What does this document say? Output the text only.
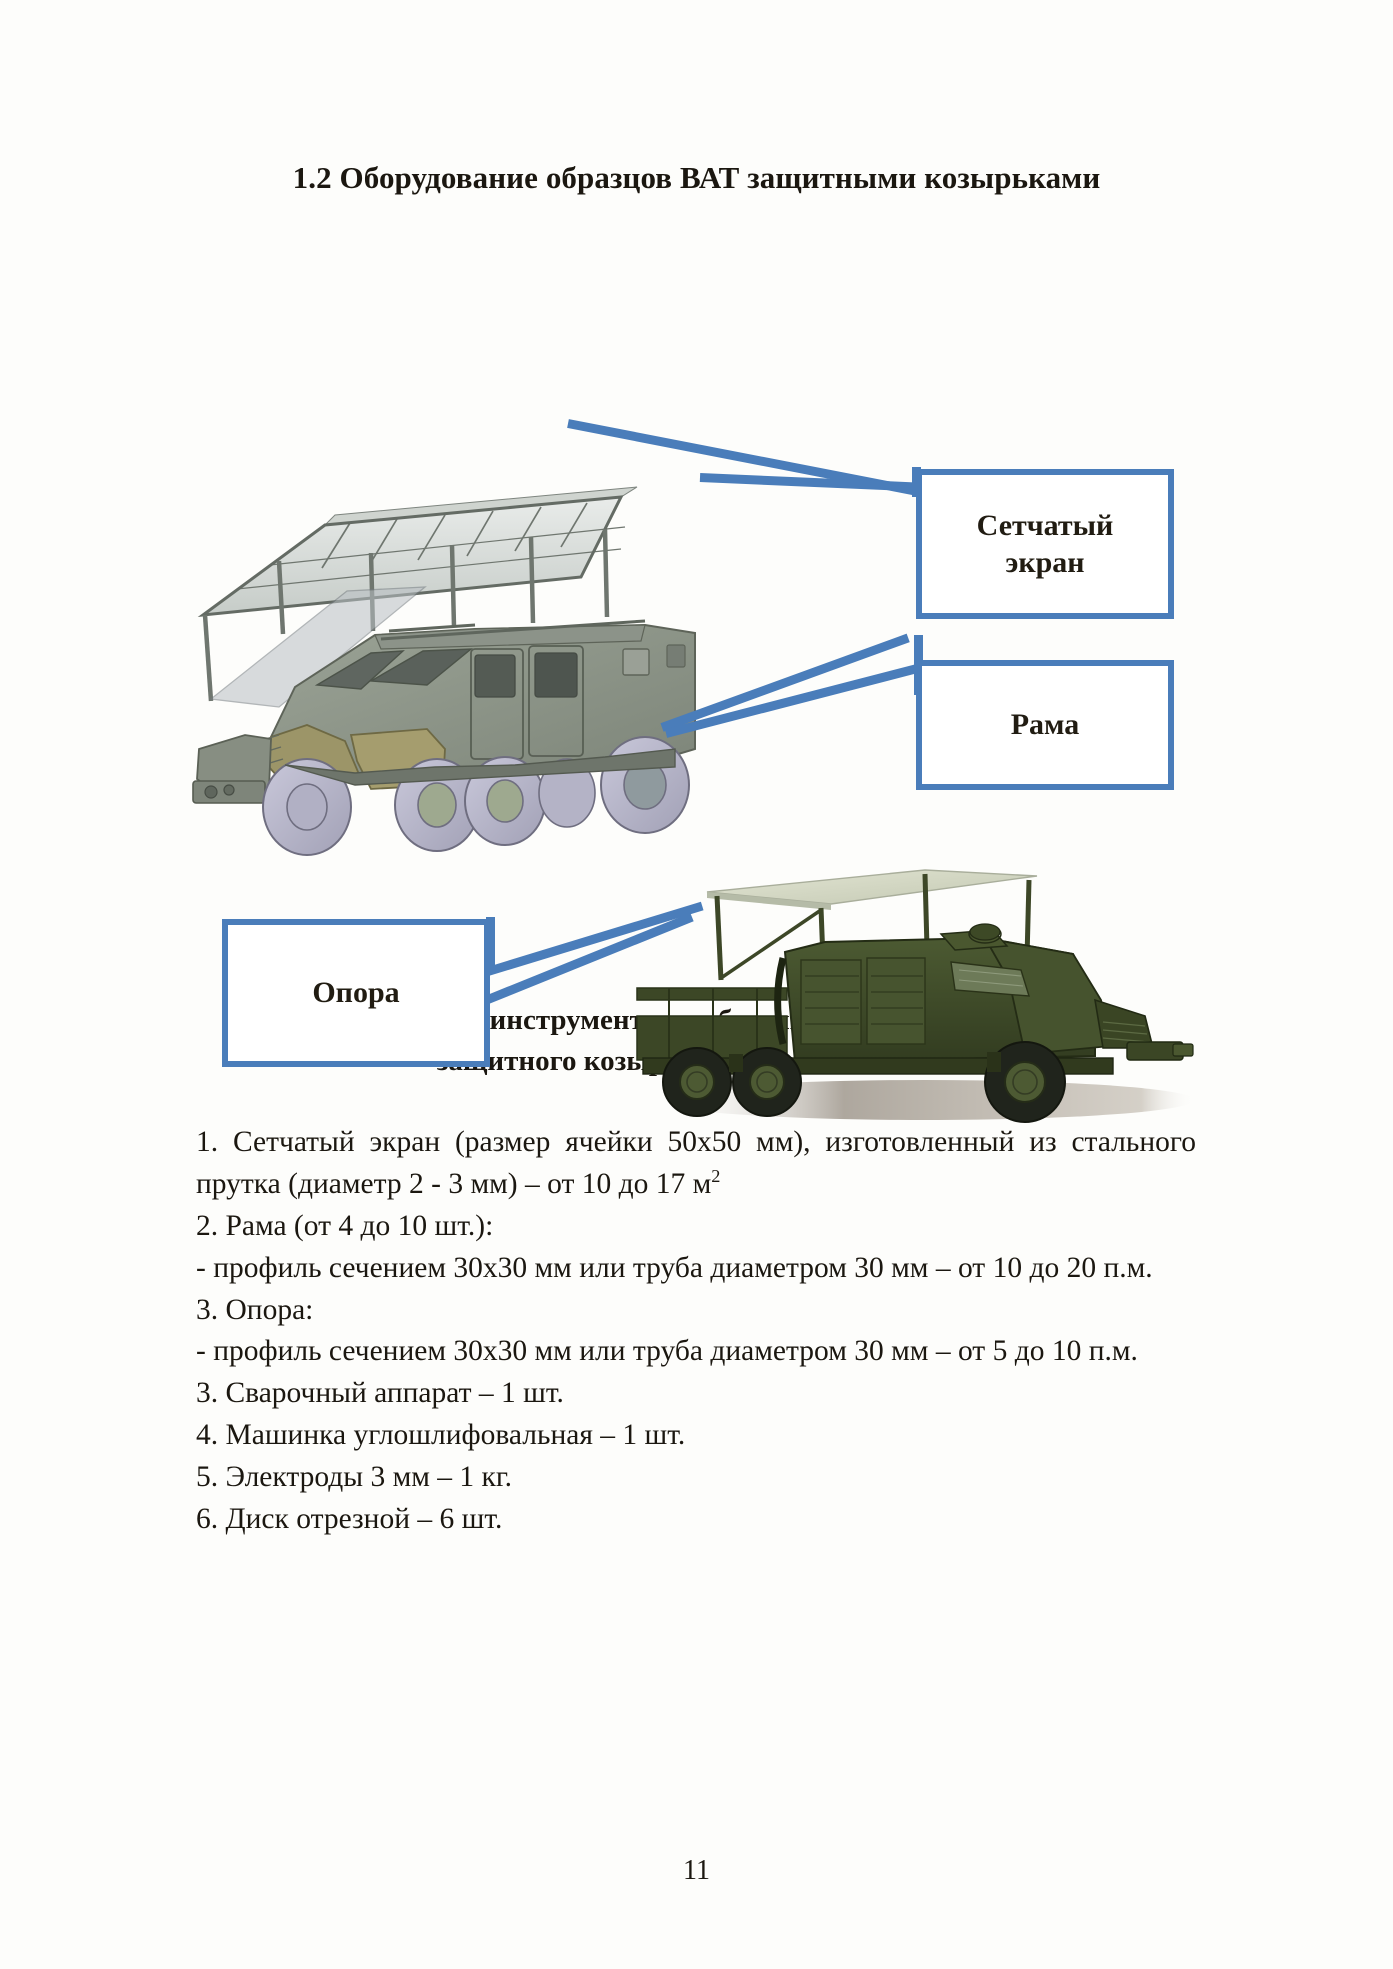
1.2 Оборудование образцов ВАТ защитными козырьками
Сетчатый
экран
Рама
Опора
инструменты
защитного

1. Сетчатый экран (размер ячейки 50х50 мм), изготовленный из стального прутка (диаметр 2 - 3 мм) – от 10 до 17 $м^2$

2. Рама (от 4 до 10 шт.):

- профиль сечением 30х30 мм или труба диаметром 30 мм – от 10 до 20 п.м.

3. Опора:

- профиль сечением 30х30 мм или труба диаметром 30 мм – от 5 до 10 п.м.

3. Сварочный аппарат – 1 шт.

4. Машинка углошлифовальная – 1 шт.

5. Электроды 3 мм – 1 кг.

6. Диск отрезной – 6 шт.

11
